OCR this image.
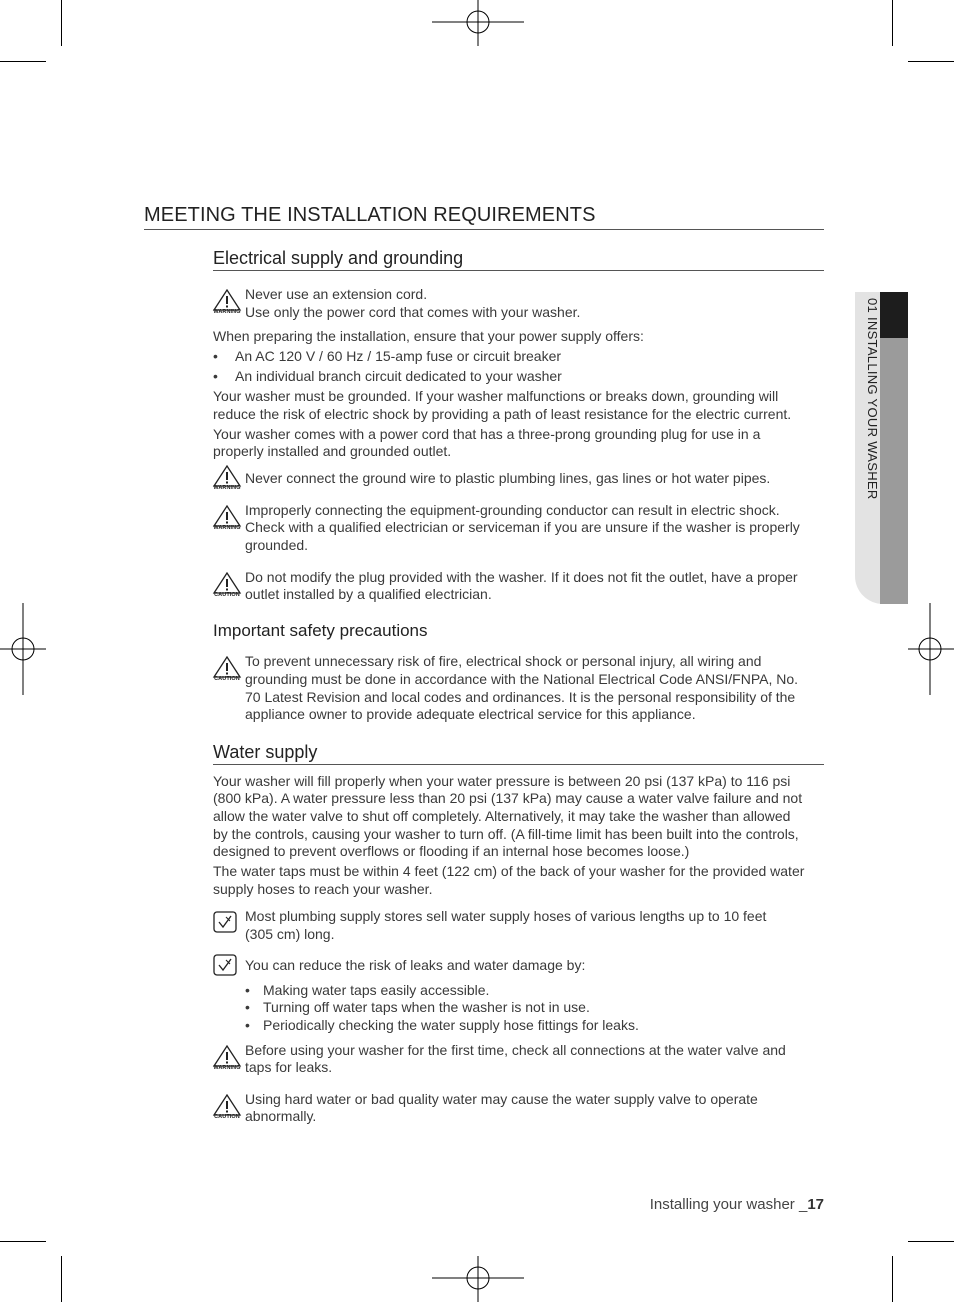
01 INSTALLING YOUR WASHER
MEETING THE INSTALLATION REQUIREMENTS
Electrical supply and grounding
WARNING
Never use an extension cord.
Use only the power cord that comes with your washer.
When preparing the installation, ensure that your power supply offers:
• An AC 120 V / 60 Hz / 15-amp fuse or circuit breaker
• An individual branch circuit dedicated to your washer
Your washer must be grounded. If your washer malfunctions or breaks down, grounding will
reduce the risk of electric shock by providing a path of least resistance for the electric current.
Your washer comes with a power cord that has a three-prong grounding plug for use in a
properly installed and grounded outlet.
WARNING
Never connect the ground wire to plastic plumbing lines, gas lines or hot water pipes.
WARNING
Improperly connecting the equipment-grounding conductor can result in electric shock.
Check with a qualified electrician or serviceman if you are unsure if the washer is properly
grounded.
CAUTION
Do not modify the plug provided with the washer. If it does not fit the outlet, have a proper
outlet installed by a qualified electrician.
Important safety precautions
CAUTION
To prevent unnecessary risk of fire, electrical shock or personal injury, all wiring and
grounding must be done in accordance with the National Electrical Code ANSI/FNPA, No.
70 Latest Revision and local codes and ordinances. It is the personal responsibility of the
appliance owner to provide adequate electrical service for this appliance.
Water supply
Your washer will fill properly when your water pressure is between 20 psi (137 kPa) to 116 psi
(800 kPa). A water pressure less than 20 psi (137 kPa) may cause a water valve failure and not
allow the water valve to shut off completely. Alternatively, it may take the washer than allowed
by the controls, causing your washer to turn off. (A fill-time limit has been built into the controls,
designed to prevent overflows or flooding if an internal hose becomes loose.)
The water taps must be within 4 feet (122 cm) of the back of your washer for the provided water
supply hoses to reach your washer.
Most plumbing supply stores sell water supply hoses of various lengths up to 10 feet
(305 cm) long.
You can reduce the risk of leaks and water damage by:
• Making water taps easily accessible.
• Turning off water taps when the washer is not in use.
• Periodically checking the water supply hose fittings for leaks.
WARNING
Before using your washer for the first time, check all connections at the water valve and
taps for leaks.
CAUTION
Using hard water or bad quality water may cause the water supply valve to operate
abnormally.
Installing your washer _17
